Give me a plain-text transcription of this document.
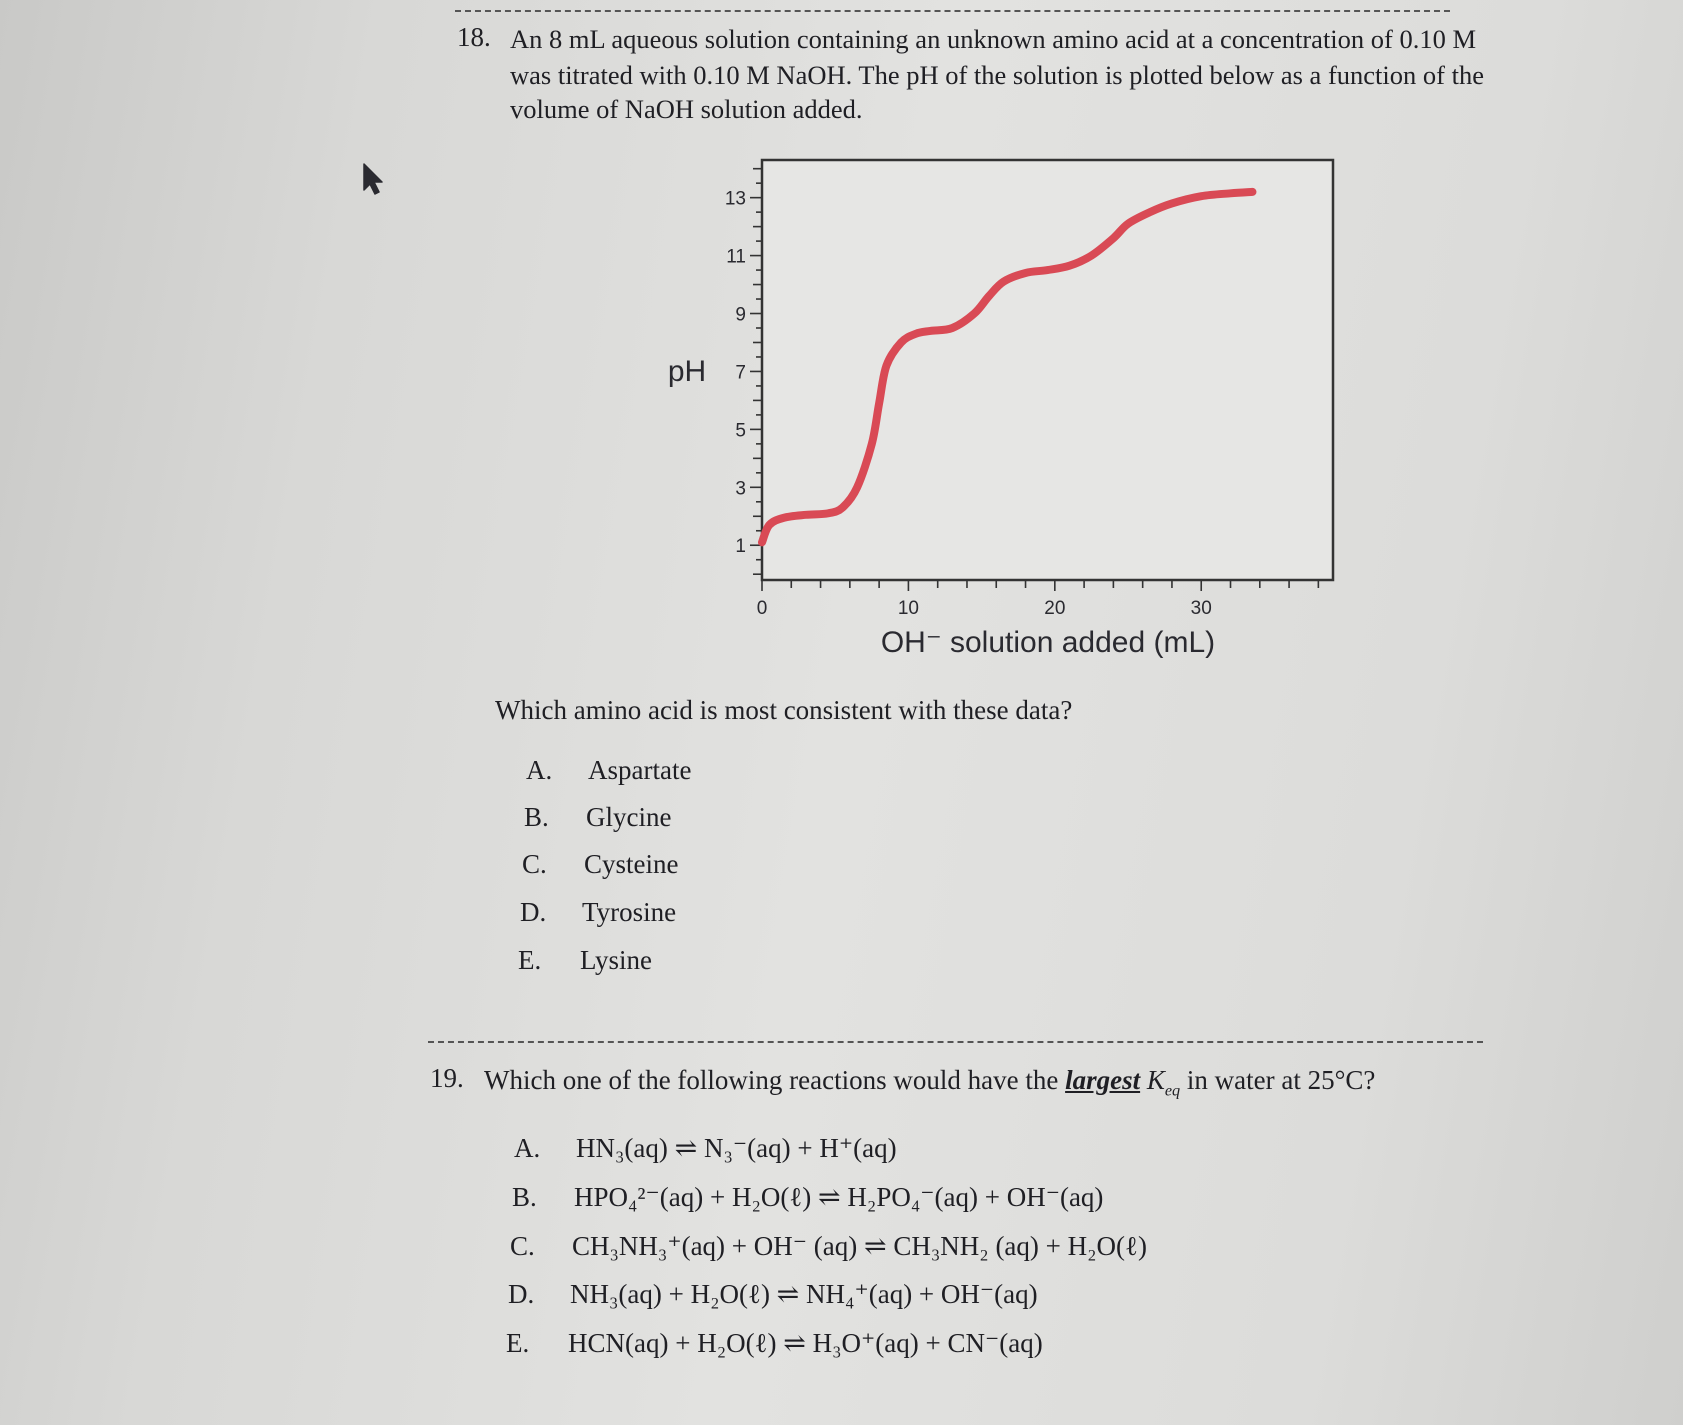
18. An 8 mL aqueous solution containing an unknown amino acid at a concentration of 0.10 M
was titrated with 0.10 M NaOH. The pH of the solution is plotted below as a function of the
volume of NaOH solution added.
pH
OH⁻ solution added (mL)
1
3
5
7
9
11
13
0	10	20	30
Which amino acid is most consistent with these data?
A.	Aspartate
B.	Glycine
C.	Cysteine
D.	Tyrosine
E.	Lysine
19. Which one of the following reactions would have the largest $K_{eq}$ in water at 25°C?
A.	HN₃(aq) ⇌ N₃⁻(aq) + H⁺(aq)
B.	HPO₄²⁻(aq) + H₂O(ℓ) ⇌ H₂PO₄⁻(aq) + OH⁻(aq)
C.	CH₃NH₃⁺(aq) + OH⁻ (aq) ⇌ CH₃NH₂ (aq) + H₂O(ℓ)
D.	NH₃(aq) + H₂O(ℓ) ⇌ NH₄⁺(aq) + OH⁻(aq)
E.	HCN(aq) + H₂O(ℓ) ⇌ H₃O⁺(aq) + CN⁻(aq)
